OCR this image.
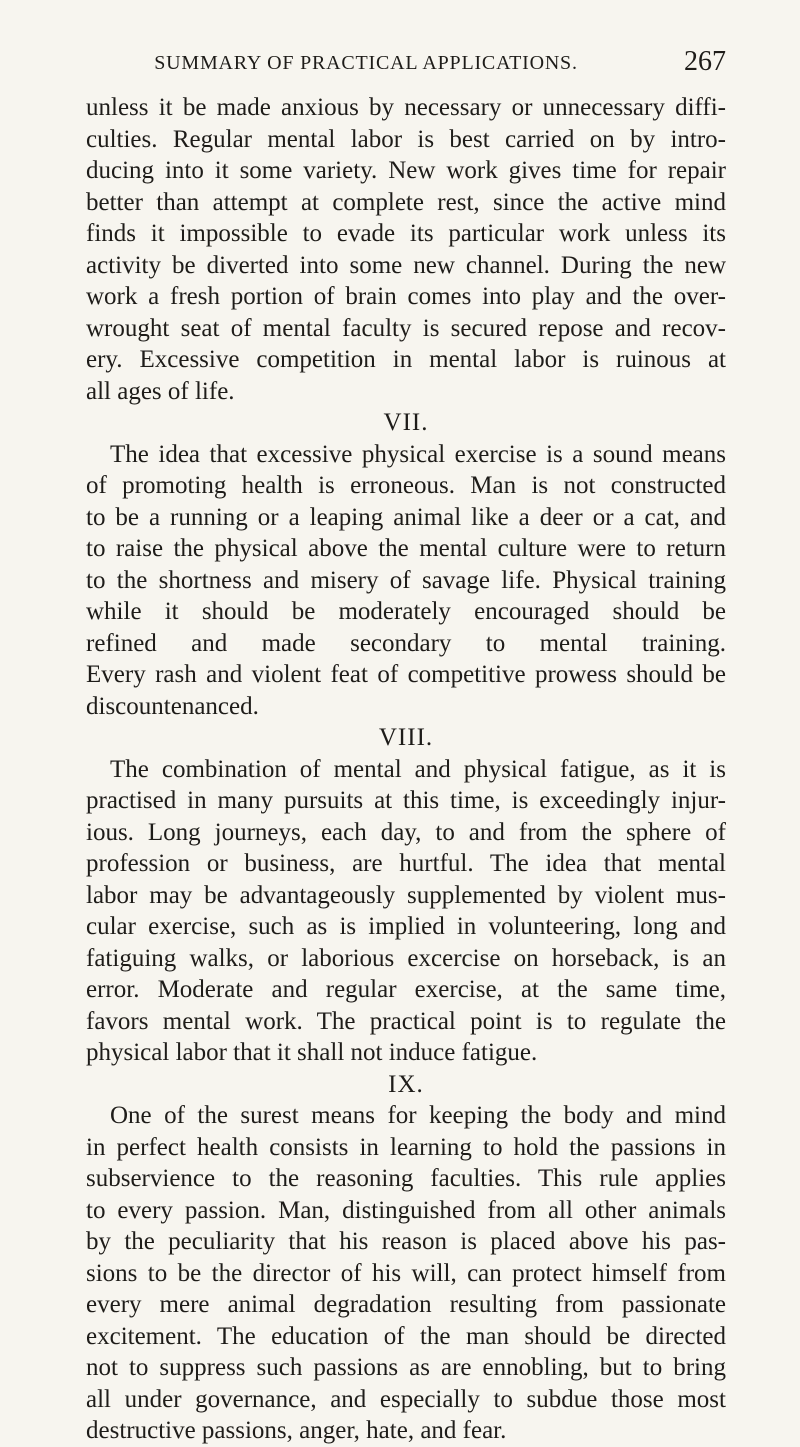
SUMMARY OF PRACTICAL APPLICATIONS.	267
unless it be made anxious by necessary or unnecessary diffi-
culties. Regular mental labor is best carried on by intro-
ducing into it some variety. New work gives time for repair
better than attempt at complete rest, since the active mind
finds it impossible to evade its particular work unless its
activity be diverted into some new channel. During the new
work a fresh portion of brain comes into play and the over-
wrought seat of mental faculty is secured repose and recov-
ery. Excessive competition in mental labor is ruinous at
all ages of life.
VII.
The idea that excessive physical exercise is a sound means
of promoting health is erroneous. Man is not constructed
to be a running or a leaping animal like a deer or a cat, and
to raise the physical above the mental culture were to return
to the shortness and misery of savage life. Physical training
while it should be moderately encouraged should be
refined and made secondary to mental training.
Every rash and violent feat of competitive prowess should be
discountenanced.
VIII.
The combination of mental and physical fatigue, as it is
practised in many pursuits at this time, is exceedingly injur-
ious. Long journeys, each day, to and from the sphere of
profession or business, are hurtful. The idea that mental
labor may be advantageously supplemented by violent mus-
cular exercise, such as is implied in volunteering, long and
fatiguing walks, or laborious excercise on horseback, is an
error. Moderate and regular exercise, at the same time,
favors mental work. The practical point is to regulate the
physical labor that it shall not induce fatigue.
IX.
One of the surest means for keeping the body and mind
in perfect health consists in learning to hold the passions in
subservience to the reasoning faculties. This rule applies
to every passion. Man, distinguished from all other animals
by the peculiarity that his reason is placed above his pas-
sions to be the director of his will, can protect himself from
every mere animal degradation resulting from passionate
excitement. The education of the man should be directed
not to suppress such passions as are ennobling, but to bring
all under governance, and especially to subdue those most
destructive passions, anger, hate, and fear.
